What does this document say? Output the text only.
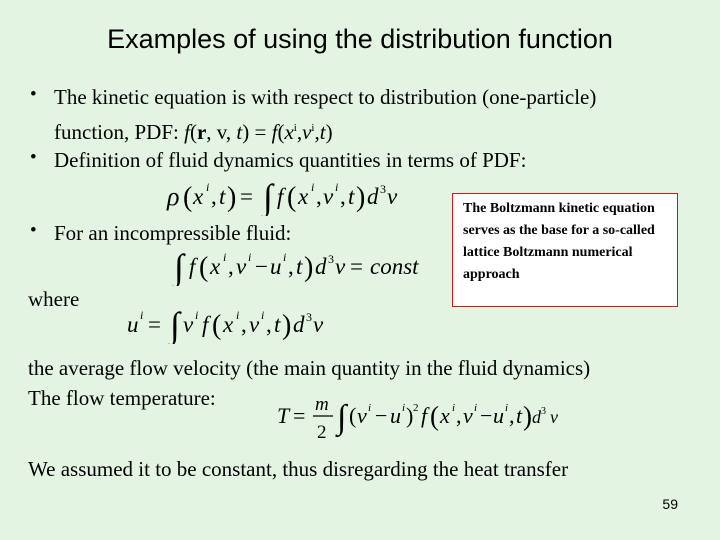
Examples of using the distribution function
• The kinetic equation is with respect to distribution (one-particle)
function, PDF: f(r, v, $t) = f(x^i,v^i,t)$
• Definition of fluid dynamics quantities in terms of PDF:
ρ ( x i , t ) = ∫ f ( x i , v i , t ) d 3 v
• For an incompressible fluid:
∫ f ( x i , v i − u i , t ) d 3 v = const
The Boltzmann kinetic equation serves as the base for a so-called lattice Boltzmann numerical approach
where
u i = ∫ v i f ( x i , v i , t ) d 3 v
the average flow velocity (the main quantity in the fluid dynamics)
The flow temperature:
T = m
2 ∫ ( v i − u i ) 2 f ( x i , v i − u i , t ) d 3 v
We assumed it to be constant, thus disregarding the heat transfer
59
